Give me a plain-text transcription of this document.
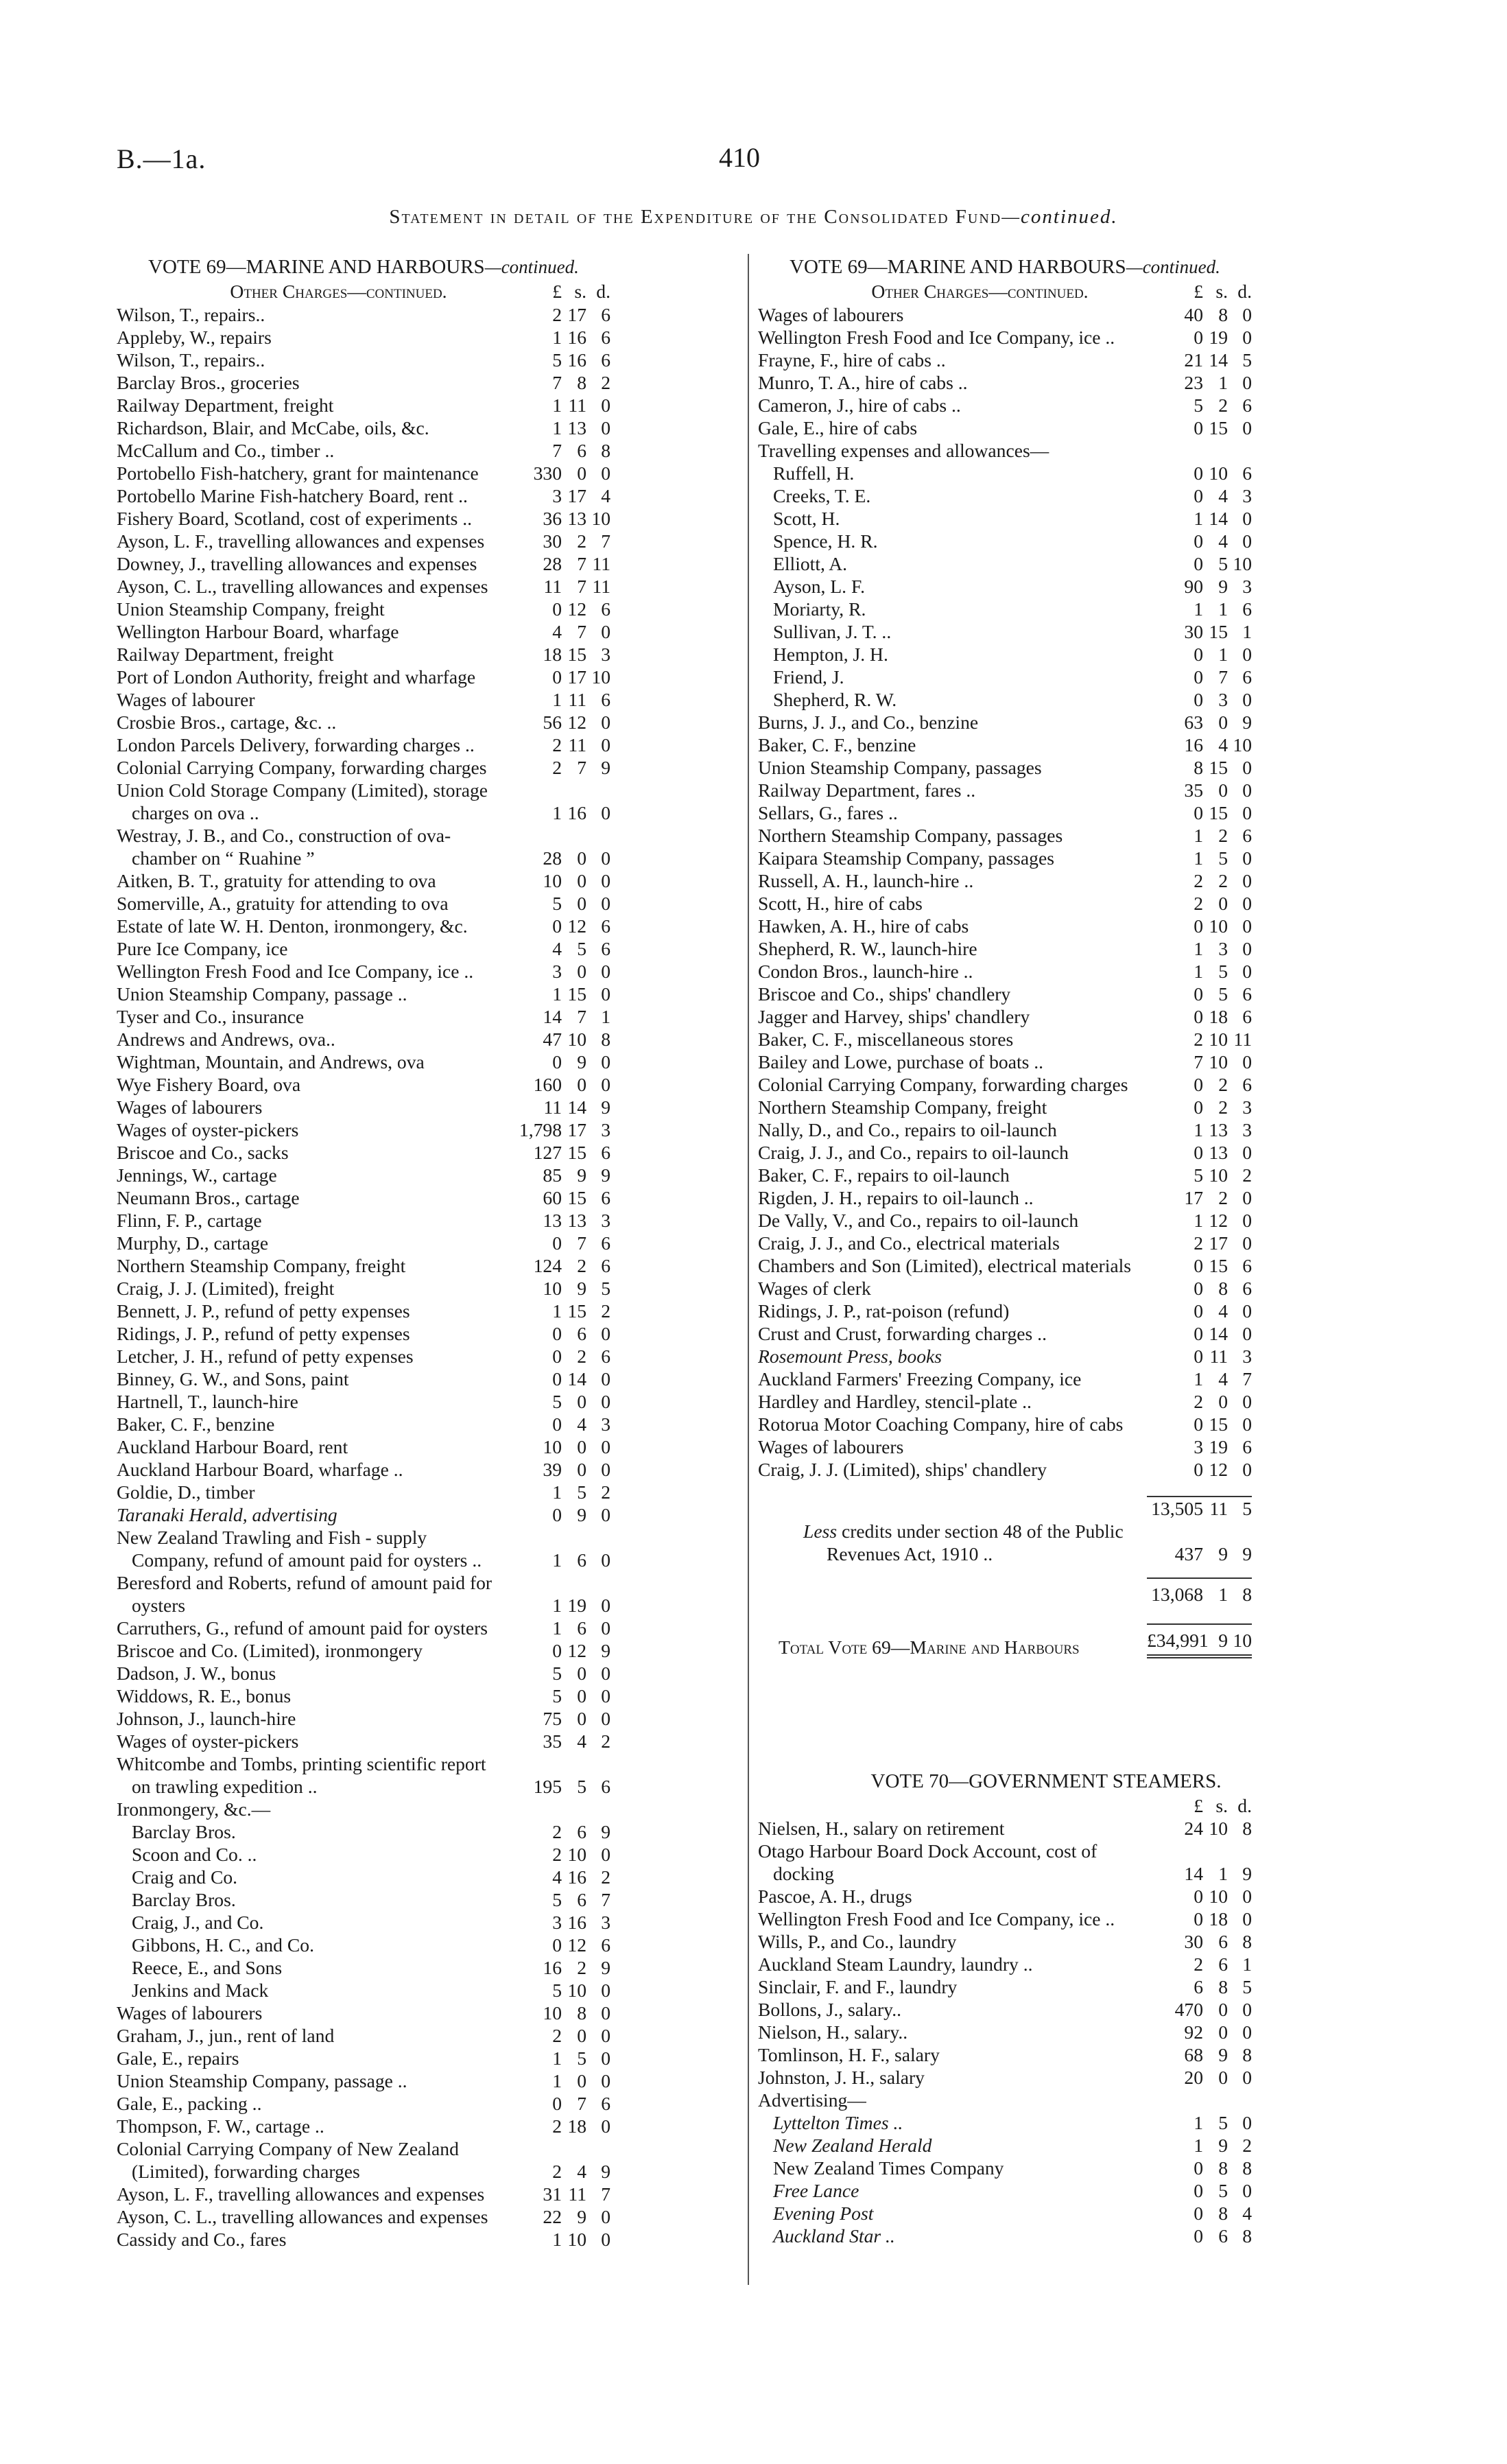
B.—1a.	410
Statement in detail of the Expenditure of the Consolidated Fund—continued.
VOTE 69—MARINE AND HARBOURS—continued.
Other Charges—continued.	£ s. d.
Wilson, T., repairs..	2 17 6
Appleby, W., repairs	1 16 6
Wilson, T., repairs..	5 16 6
Barclay Bros., groceries	7 8 2
Railway Department, freight	1 11 0
Richardson, Blair, and McCabe, oils, &c.	1 13 0
McCallum and Co., timber ..	7 6 8
Portobello Fish-hatchery, grant for maintenance	330 0 0
Portobello Marine Fish-hatchery Board, rent ..	3 17 4
Fishery Board, Scotland, cost of experiments ..	36 13 10
Ayson, L. F., travelling allowances and expenses	30 2 7
Downey, J., travelling allowances and expenses	28 7 11
Ayson, C. L., travelling allowances and expenses	11 7 11
Union Steamship Company, freight	0 12 6
Wellington Harbour Board, wharfage	4 7 0
Railway Department, freight	18 15 3
Port of London Authority, freight and wharfage	0 17 10
Wages of labourer	1 11 6
Crosbie Bros., cartage, &c. ..	56 12 0
London Parcels Delivery, forwarding charges ..	2 11 0
Colonial Carrying Company, forwarding charges	2 7 9
Union Cold Storage Company (Limited), storage charges on ova ..	1 16 0
Westray, J. B., and Co., construction of ova-chamber on “ Ruahine ”	28 0 0
Aitken, B. T., gratuity for attending to ova	10 0 0
Somerville, A., gratuity for attending to ova	5 0 0
Estate of late W. H. Denton, ironmongery, &c.	0 12 6
Pure Ice Company, ice	4 5 6
Wellington Fresh Food and Ice Company, ice ..	3 0 0
Union Steamship Company, passage ..	1 15 0
Tyser and Co., insurance	14 7 1
Andrews and Andrews, ova..	47 10 8
Wightman, Mountain, and Andrews, ova	0 9 0
Wye Fishery Board, ova	160 0 0
Wages of labourers	11 14 9
Wages of oyster-pickers	1,798 17 3
Briscoe and Co., sacks	127 15 6
Jennings, W., cartage	85 9 9
Neumann Bros., cartage	60 15 6
Flinn, F. P., cartage	13 13 3
Murphy, D., cartage	0 7 6
Northern Steamship Company, freight	124 2 6
Craig, J. J. (Limited), freight	10 9 5
Bennett, J. P., refund of petty expenses	1 15 2
Ridings, J. P., refund of petty expenses	0 6 0
Letcher, J. H., refund of petty expenses	0 2 6
Binney, G. W., and Sons, paint	0 14 0
Hartnell, T., launch-hire	5 0 0
Baker, C. F., benzine	0 4 3
Auckland Harbour Board, rent	10 0 0
Auckland Harbour Board, wharfage ..	39 0 0
Goldie, D., timber	1 5 2
Taranaki Herald, advertising	0 9 0
New Zealand Trawling and Fish - supply Company, refund of amount paid for oysters ..	1 6 0
Beresford and Roberts, refund of amount paid for oysters	1 19 0
Carruthers, G., refund of amount paid for oysters	1 6 0
Briscoe and Co. (Limited), ironmongery	0 12 9
Dadson, J. W., bonus	5 0 0
Widdows, R. E., bonus	5 0 0
Johnson, J., launch-hire	75 0 0
Wages of oyster-pickers	35 4 2
Whitcombe and Tombs, printing scientific report on trawling expedition ..	195 5 6
Ironmongery, &c.—
Barclay Bros.	2 6 9
Scoon and Co. ..	2 10 0
Craig and Co.	4 16 2
Barclay Bros.	5 6 7
Craig, J., and Co.	3 16 3
Gibbons, H. C., and Co.	0 12 6
Reece, E., and Sons	16 2 9
Jenkins and Mack	5 10 0
Wages of labourers	10 8 0
Graham, J., jun., rent of land	2 0 0
Gale, E., repairs	1 5 0
Union Steamship Company, passage ..	1 0 0
Gale, E., packing ..	0 7 6
Thompson, F. W., cartage ..	2 18 0
Colonial Carrying Company of New Zealand (Limited), forwarding charges	2 4 9
Ayson, L. F., travelling allowances and expenses	31 11 7
Ayson, C. L., travelling allowances and expenses	22 9 0
Cassidy and Co., fares	1 10 0
VOTE 69—MARINE AND HARBOURS—continued.
Other Charges—continued.	£ s. d.
Wages of labourers	40 8 0
Wellington Fresh Food and Ice Company, ice ..	0 19 0
Frayne, F., hire of cabs ..	21 14 5
Munro, T. A., hire of cabs ..	23 1 0
Cameron, J., hire of cabs ..	5 2 6
Gale, E., hire of cabs	0 15 0
Travelling expenses and allowances—
Ruffell, H.	0 10 6
Creeks, T. E.	0 4 3
Scott, H.	1 14 0
Spence, H. R.	0 4 0
Elliott, A.	0 5 10
Ayson, L. F.	90 9 3
Moriarty, R.	1 1 6
Sullivan, J. T. ..	30 15 1
Hempton, J. H.	0 1 0
Friend, J.	0 7 6
Shepherd, R. W.	0 3 0
Burns, J. J., and Co., benzine	63 0 9
Baker, C. F., benzine	16 4 10
Union Steamship Company, passages	8 15 0
Railway Department, fares ..	35 0 0
Sellars, G., fares ..	0 15 0
Northern Steamship Company, passages	1 2 6
Kaipara Steamship Company, passages	1 5 0
Russell, A. H., launch-hire ..	2 2 0
Scott, H., hire of cabs	2 0 0
Hawken, A. H., hire of cabs	0 10 0
Shepherd, R. W., launch-hire	1 3 0
Condon Bros., launch-hire ..	1 5 0
Briscoe and Co., ships' chandlery	0 5 6
Jagger and Harvey, ships' chandlery	0 18 6
Baker, C. F., miscellaneous stores	2 10 11
Bailey and Lowe, purchase of boats ..	7 10 0
Colonial Carrying Company, forwarding charges	0 2 6
Northern Steamship Company, freight	0 2 3
Nally, D., and Co., repairs to oil-launch	1 13 3
Craig, J. J., and Co., repairs to oil-launch	0 13 0
Baker, C. F., repairs to oil-launch	5 10 2
Rigden, J. H., repairs to oil-launch ..	17 2 0
De Vally, V., and Co., repairs to oil-launch	1 12 0
Craig, J. J., and Co., electrical materials	2 17 0
Chambers and Son (Limited), electrical materials	0 15 6
Wages of clerk	0 8 6
Ridings, J. P., rat-poison (refund)	0 4 0
Crust and Crust, forwarding charges ..	0 14 0
Rosemount Press, books	0 11 3
Auckland Farmers' Freezing Company, ice	1 4 7
Hardley and Hardley, stencil-plate ..	2 0 0
Rotorua Motor Coaching Company, hire of cabs	0 15 0
Wages of labourers	3 19 6
Craig, J. J. (Limited), ships' chandlery	0 12 0
13,505 11 5
Less credits under section 48 of the Public
Revenues Act, 1910 ..	437 9 9
13,068 1 8
Total Vote 69—Marine and Harbours	£34,991 9 10
VOTE 70—GOVERNMENT STEAMERS.
£ s. d.
Nielsen, H., salary on retirement	24 10 8
Otago Harbour Board Dock Account, cost of docking	14 1 9
Pascoe, A. H., drugs	0 10 0
Wellington Fresh Food and Ice Company, ice ..	0 18 0
Wills, P., and Co., laundry	30 6 8
Auckland Steam Laundry, laundry ..	2 6 1
Sinclair, F. and F., laundry	6 8 5
Bollons, J., salary..	470 0 0
Nielson, H., salary..	92 0 0
Tomlinson, H. F., salary	68 9 8
Johnston, J. H., salary	20 0 0
Advertising—
Lyttelton Times ..	1 5 0
New Zealand Herald	1 9 2
New Zealand Times Company	0 8 8
Free Lance	0 5 0
Evening Post	0 8 4
Auckland Star ..	0 6 8
